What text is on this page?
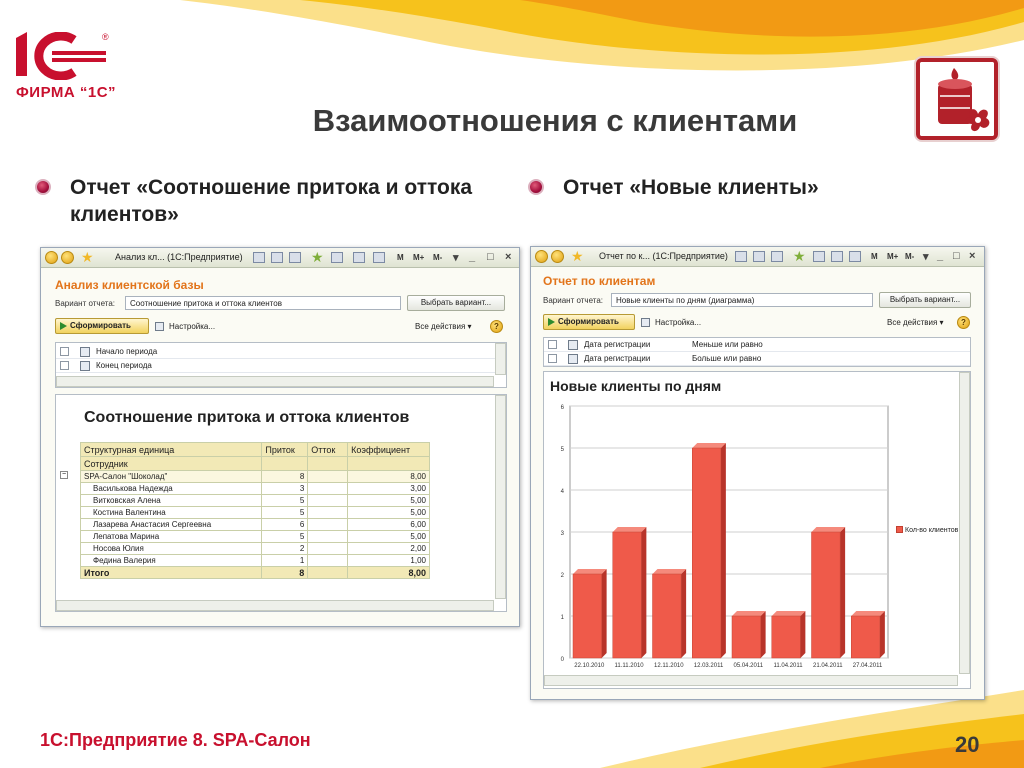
®
ФИРМА “1С”
Взаимоотношения с клиентами
Отчет «Соотношение притока и оттока клиентов»
Отчет «Новые клиенты»
★ Анализ кл... (1С:Предприятие)	★	M M+ M- ▾ _ □ ×
Анализ клиентской базы
Вариант отчета:	Соотношение притока и оттока клиентов	Выбрать вариант...
Сформировать	Настройка...	Все действия ▾	?
Начало периода
Конец периода
Соотношение притока и оттока клиентов
Структурная единица	Приток	Отток	Коэффициент
Сотрудник			
SPA-Салон "Шоколад"	8		8,00
Василькова Надежда	3		3,00
Витковская Алена	5		5,00
Костина Валентина	5		5,00
Лазарева Анастасия Сергеевна	6		6,00
Лепатова Марина	5		5,00
Носова Юлия	2		2,00
Федина Валерия	1		1,00
Итого	8		8,00
−
★ Отчет по к... (1С:Предприятие)	★	M M+ M- ▾ _ □ ×
Отчет по клиентам
Вариант отчета:	Новые клиенты по дням (диаграмма)	Выбрать вариант...
Сформировать	Настройка...	Все действия ▾	?
Дата регистрации	Меньше или равно
Дата регистрации	Больше или равно
Новые клиенты по дням
0
1
2
3
4
5
6
22.10.2010 11.11.2010 12.11.2010 12.03.2011 05.04.2011 11.04.2011 21.04.2011 27.04.2011
Кол-во клиентов
1С:Предприятие 8. SPA-Салон	20
